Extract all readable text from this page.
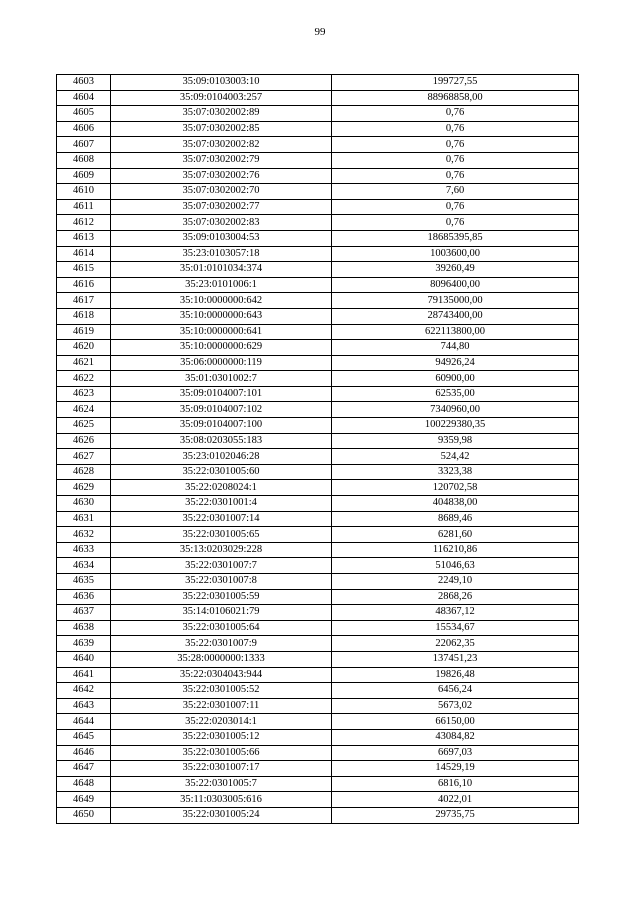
99
4603	35:09:0103003:10	199727,55
4604	35:09:0104003:257	88968858,00
4605	35:07:0302002:89	0,76
4606	35:07:0302002:85	0,76
4607	35:07:0302002:82	0,76
4608	35:07:0302002:79	0,76
4609	35:07:0302002:76	0,76
4610	35:07:0302002:70	7,60
4611	35:07:0302002:77	0,76
4612	35:07:0302002:83	0,76
4613	35:09:0103004:53	18685395,85
4614	35:23:0103057:18	1003600,00
4615	35:01:0101034:374	39260,49
4616	35:23:0101006:1	8096400,00
4617	35:10:0000000:642	79135000,00
4618	35:10:0000000:643	28743400,00
4619	35:10:0000000:641	622113800,00
4620	35:10:0000000:629	744,80
4621	35:06:0000000:119	94926,24
4622	35:01:0301002:7	60900,00
4623	35:09:0104007:101	62535,00
4624	35:09:0104007:102	7340960,00
4625	35:09:0104007:100	100229380,35
4626	35:08:0203055:183	9359,98
4627	35:23:0102046:28	524,42
4628	35:22:0301005:60	3323,38
4629	35:22:0208024:1	120702,58
4630	35:22:0301001:4	404838,00
4631	35:22:0301007:14	8689,46
4632	35:22:0301005:65	6281,60
4633	35:13:0203029:228	116210,86
4634	35:22:0301007:7	51046,63
4635	35:22:0301007:8	2249,10
4636	35:22:0301005:59	2868,26
4637	35:14:0106021:79	48367,12
4638	35:22:0301005:64	15534,67
4639	35:22:0301007:9	22062,35
4640	35:28:0000000:1333	137451,23
4641	35:22:0304043:944	19826,48
4642	35:22:0301005:52	6456,24
4643	35:22:0301007:11	5673,02
4644	35:22:0203014:1	66150,00
4645	35:22:0301005:12	43084,82
4646	35:22:0301005:66	6697,03
4647	35:22:0301007:17	14529,19
4648	35:22:0301005:7	6816,10
4649	35:11:0303005:616	4022,01
4650	35:22:0301005:24	29735,75
